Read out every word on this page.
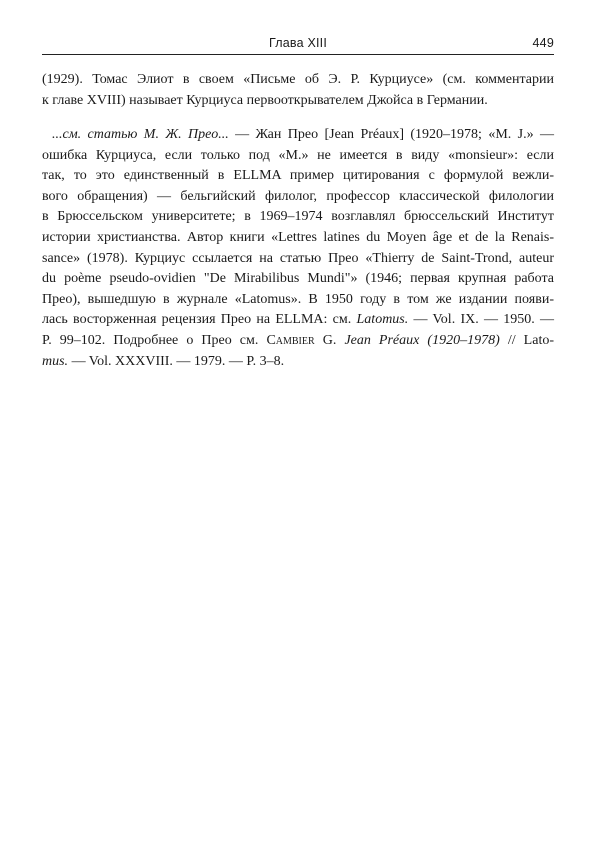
Глава XIII	449
(1929). Томас Элиот в своем «Письме об Э. Р. Курциусе» (см. комментарии
к главе XVIII) называет Курциуса первооткрывателем Джойса в Германии.
...см. статью М. Ж. Прео... — Жан Прео [Jean Préaux] (1920–1978; «M. J.» —
ошибка Курциуса, если только под «M.» не имеется в виду «monsieur»: если
так, то это единственный в ELLMA пример цитирования с формулой вежли-
вого обращения) — бельгийский филолог, профессор классической филологии
в Брюссельском университете; в 1969–1974 возглавлял брюссельский Институт
истории христианства. Автор книги «Lettres latines du Moyen âge et de la Renais-
sance» (1978). Курциус ссылается на статью Прео «Thierry de Saint-Trond, auteur
du poème pseudo-ovidien "De Mirabilibus Mundi"» (1946; первая крупная работа
Прео), вышедшую в журнале «Latomus». В 1950 году в том же издании появи-
лась восторженная рецензия Прео на ELLMA: см. Latomus. — Vol. IX. — 1950. —
P. 99–102. Подробнее о Прео см. Cambier G. Jean Préaux (1920–1978) // Lato-
mus. — Vol. XXXVIII. — 1979. — P. 3–8.
